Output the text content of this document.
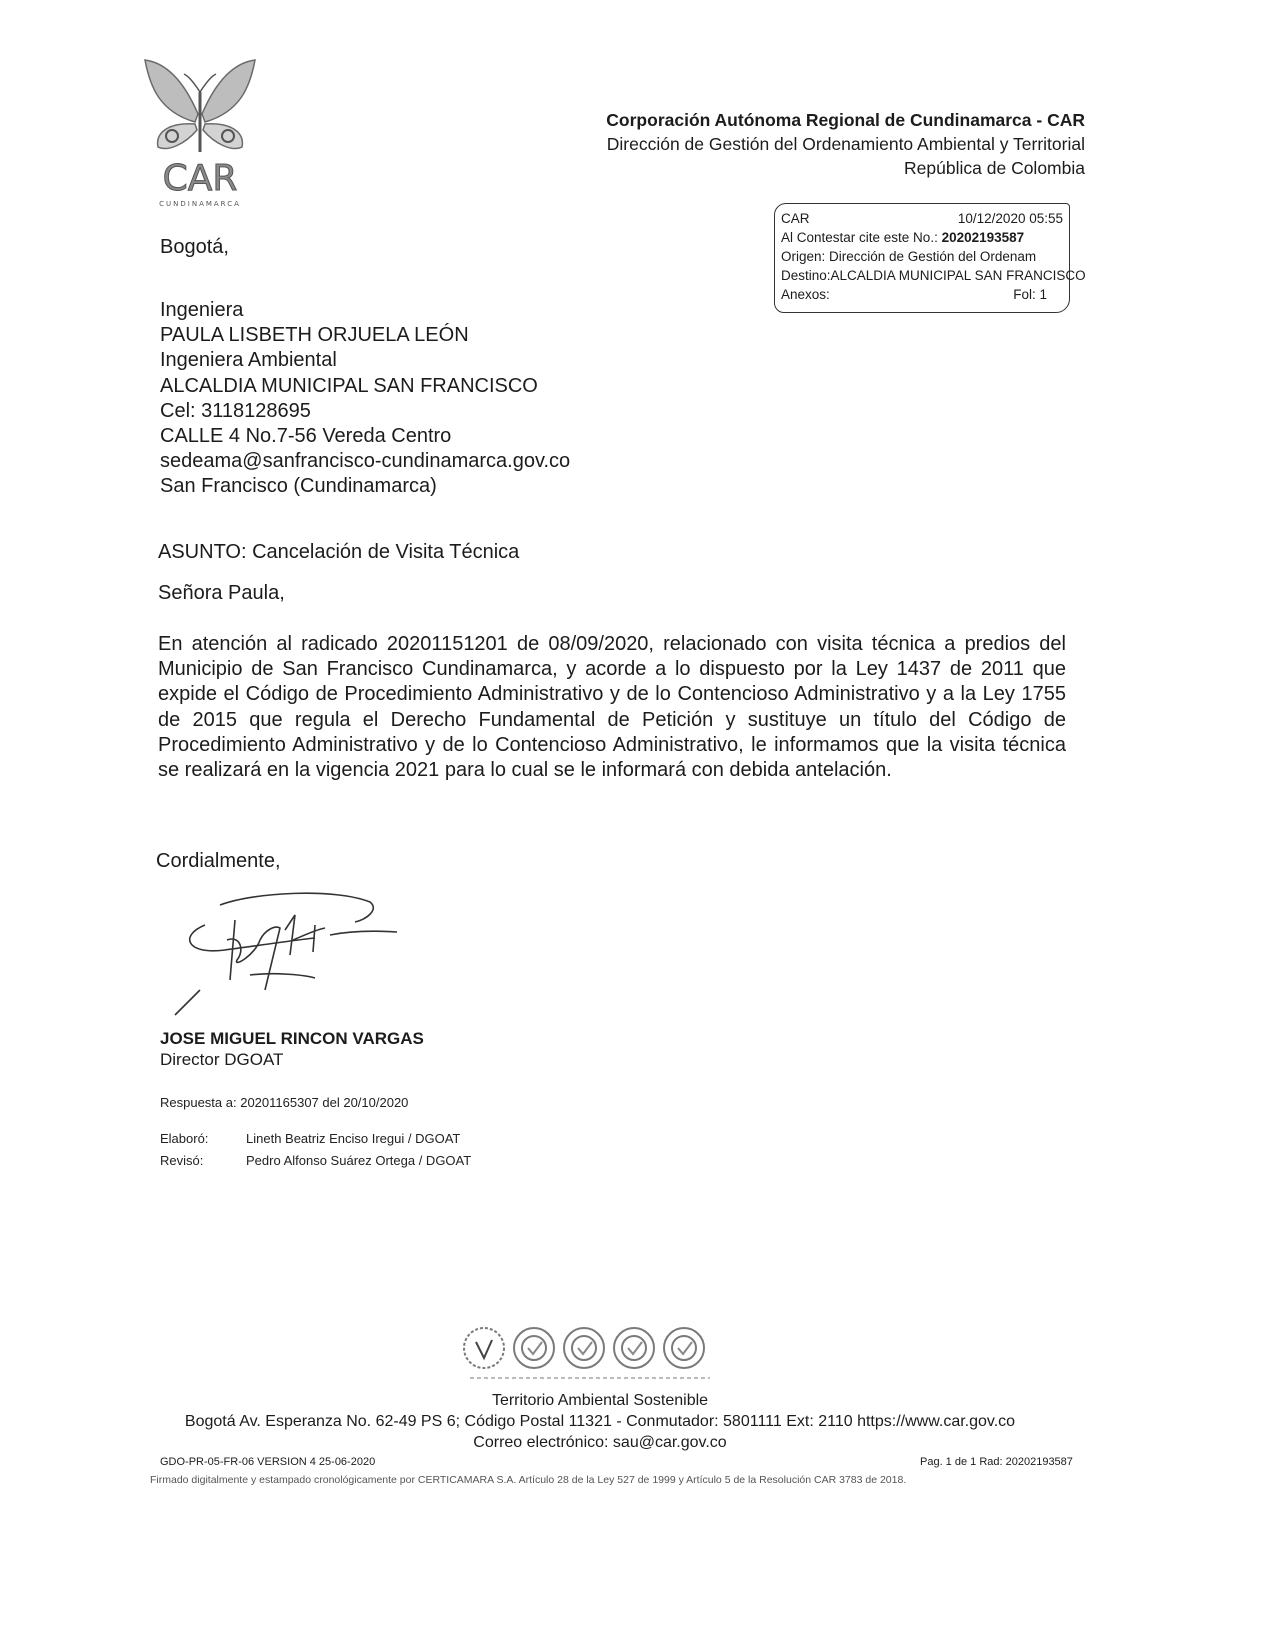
CAR
CUNDINAMARCA
Corporación Autónoma Regional de Cundinamarca - CAR
Dirección de Gestión del Ordenamiento Ambiental y Territorial
República de Colombia
CAR	10/12/2020 05:55
Al Contestar cite este No.: 20202193587
Origen: Dirección de Gestión del Ordenam
Destino:ALCALDIA MUNICIPAL SAN FRANCISCO
Anexos:	Fol: 1
Bogotá,
Ingeniera
PAULA LISBETH ORJUELA LEÓN
Ingeniera Ambiental
ALCALDIA MUNICIPAL SAN FRANCISCO
Cel: 3118128695
CALLE 4 No.7-56 Vereda Centro
sedeama@sanfrancisco-cundinamarca.gov.co
San Francisco (Cundinamarca)
ASUNTO: Cancelación de Visita Técnica
Señora Paula,
En atención al radicado 20201151201 de 08/09/2020, relacionado con visita técnica a predios del Municipio de San Francisco Cundinamarca, y acorde a lo dispuesto por la Ley 1437 de 2011 que expide el Código de Procedimiento Administrativo y de lo Contencioso Administrativo y a la Ley 1755 de 2015 que regula el Derecho Fundamental de Petición y sustituye un título del Código de Procedimiento Administrativo y de lo Contencioso Administrativo, le informamos que la visita técnica se realizará en la vigencia 2021 para lo cual se le informará con debida antelación.
Cordialmente,
JOSE MIGUEL RINCON VARGAS
Director DGOAT
Respuesta a: 20201165307 del 20/10/2020
Elaboró:	Lineth Beatriz Enciso Iregui / DGOAT
Revisó:	Pedro Alfonso Suárez Ortega / DGOAT
Territorio Ambiental Sostenible
Bogotá Av. Esperanza No. 62-49 PS 6; Código Postal 11321 - Conmutador: 5801111 Ext: 2110 https://www.car.gov.co
Correo electrónico: sau@car.gov.co
GDO-PR-05-FR-06 VERSION 4 25-06-2020	Pag. 1 de 1 Rad: 20202193587
Firmado digitalmente y estampado cronológicamente por CERTICAMARA S.A. Artículo 28 de la Ley 527 de 1999 y Artículo 5 de la Resolución CAR 3783 de 2018.
